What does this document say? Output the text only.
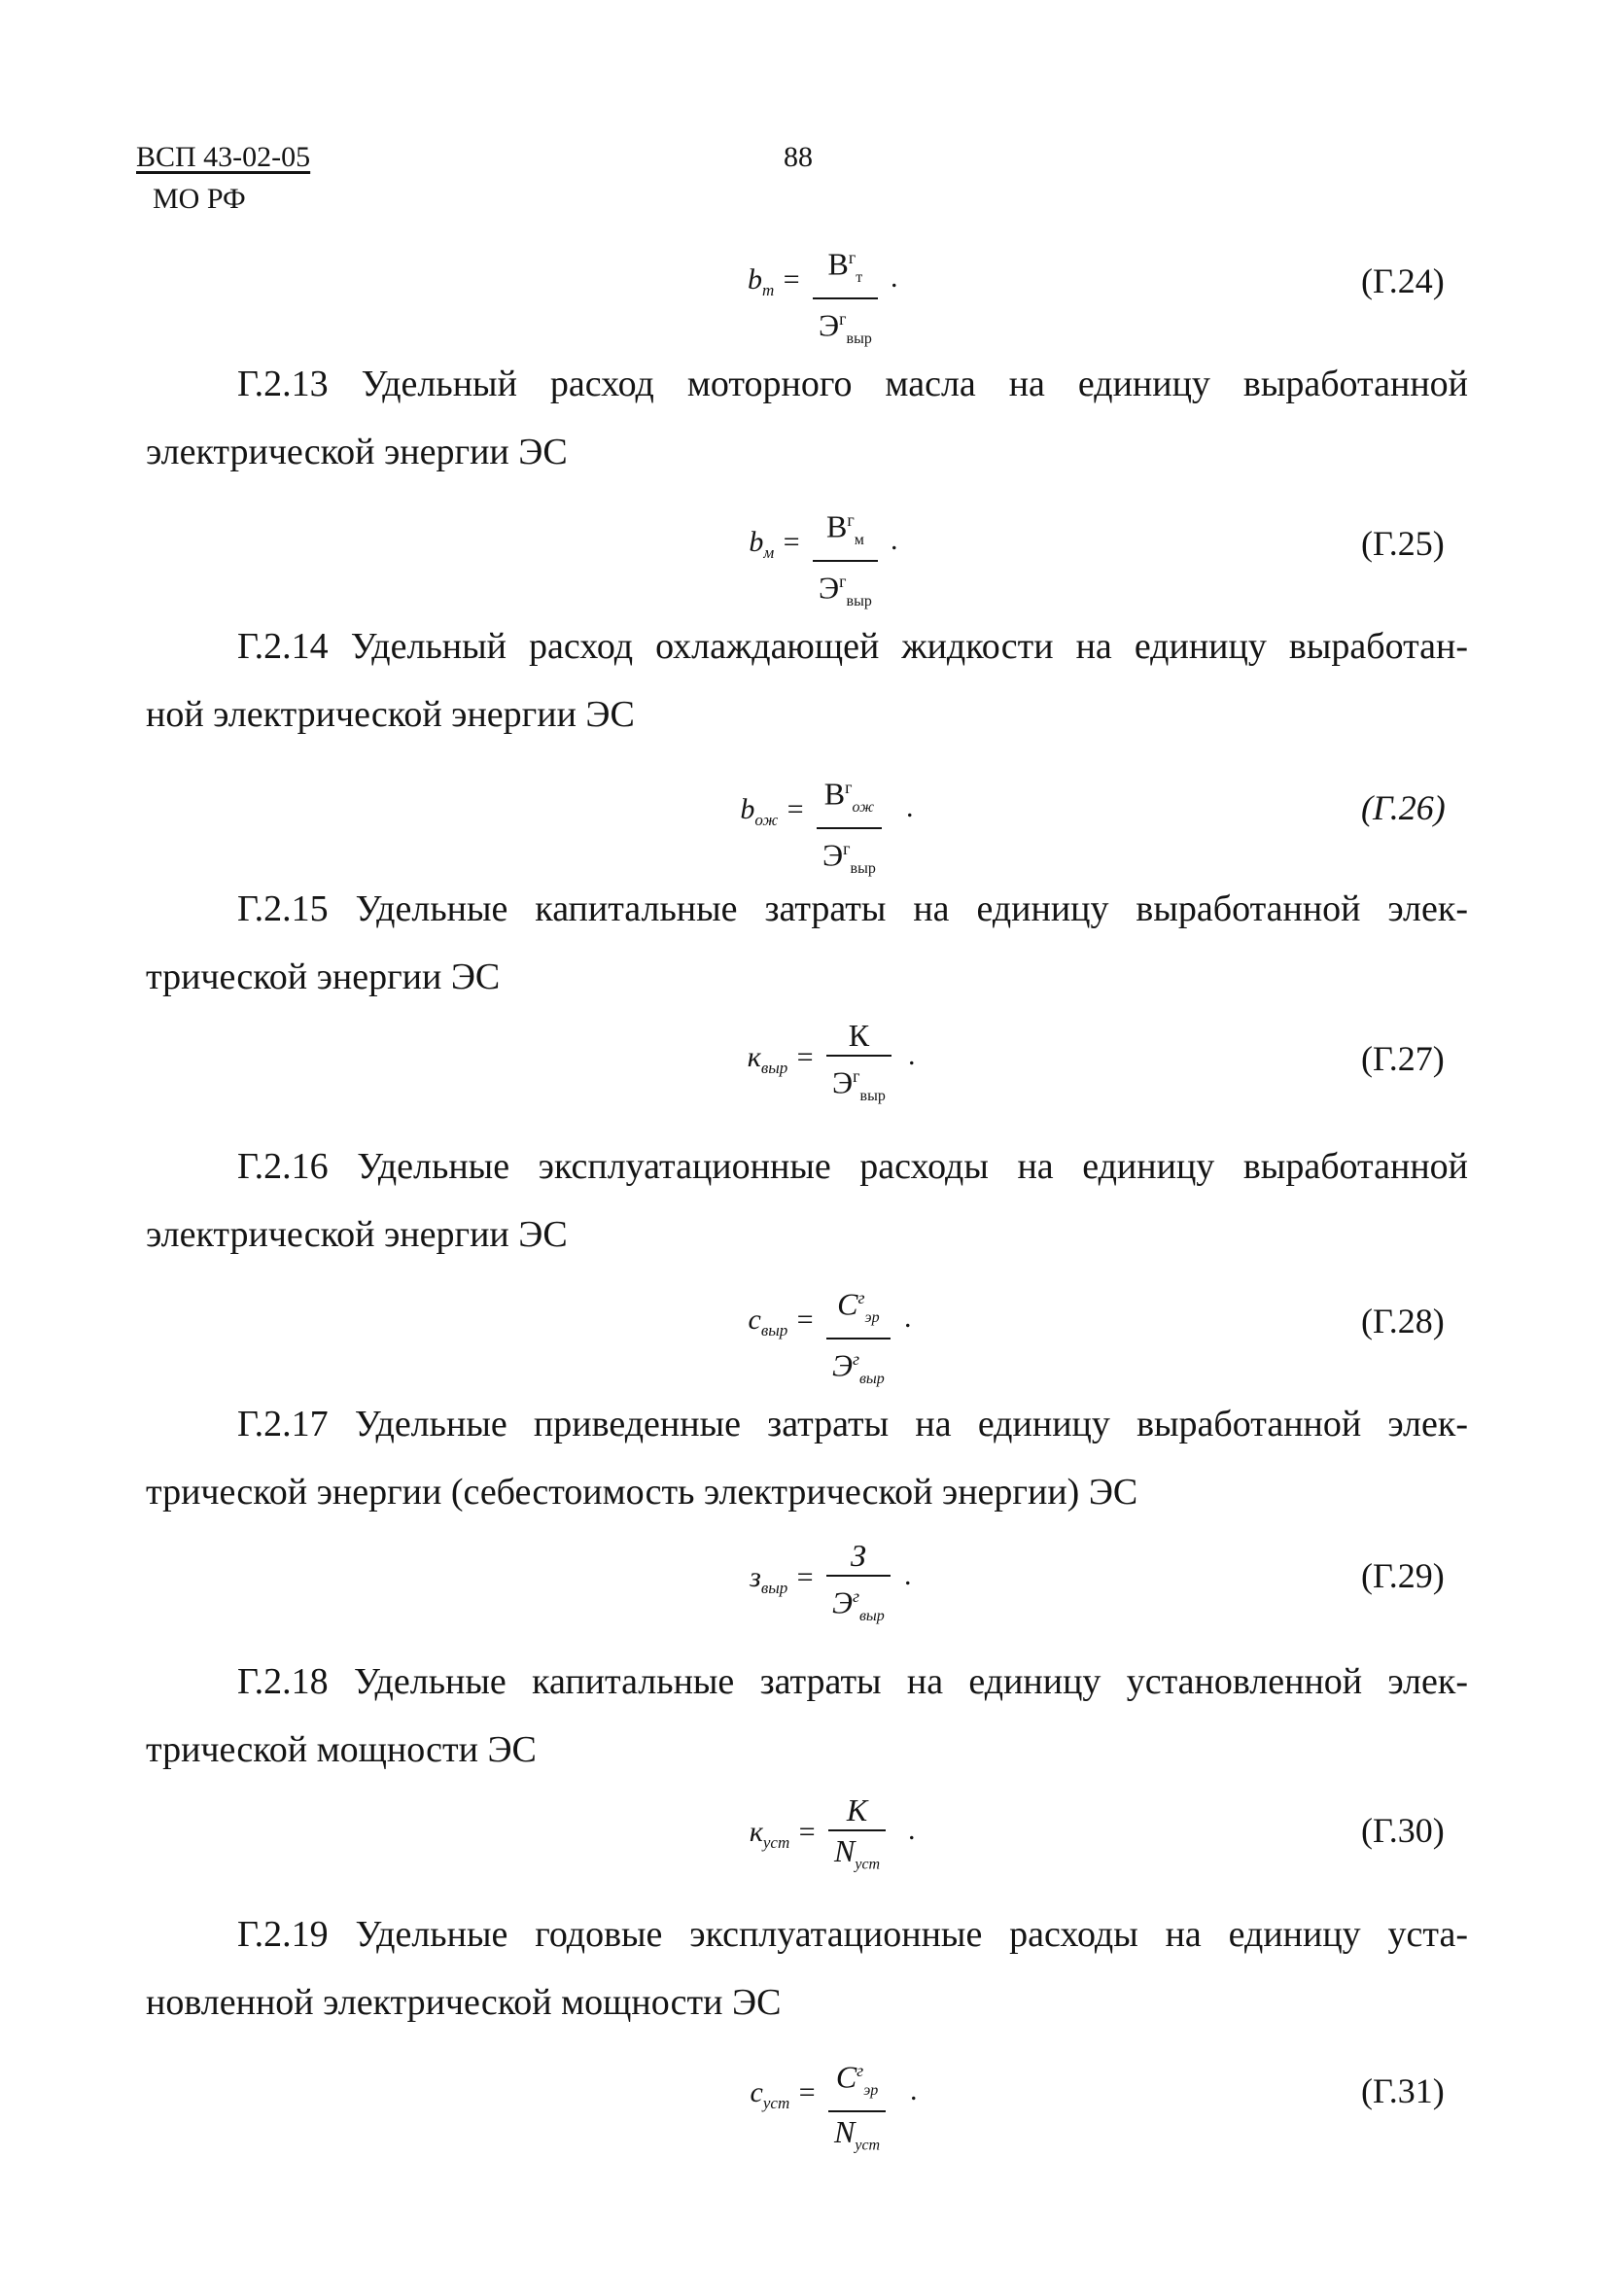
ВСП 43-02-05
МО РФ
88
$b_т = В^г_т$
$Э^г_{выр}$
.	(Г.24)

Г.2.13 Удельный расход моторного масла на единицу выработанной

электрической энергии ЭС

$b_м = В^г_м$
$Э^г_{выр}$
.	(Г.25)

Г.2.14 Удельный расход охлаждающей жидкости на единицу выработан-

ной электрической энергии ЭС

$b_{ож} = В^г_{ож}$
$Э^г_{выр}$
.	(Г.26)

Г.2.15 Удельные капитальные затраты на единицу выработанной элек-

трической энергии ЭС

$к_{выр}$ =
К
$Э^г_{выр}$
.	(Г.27)

Г.2.16 Удельные эксплуатационные расходы на единицу выработанной

электрической энергии ЭС

$с_{выр} = С^г_{эр}$
$Э^г_{выр}$
.	(Г.28)

Г.2.17 Удельные приведенные затраты на единицу выработанной элек-

трической энергии (себестоимость электрической энергии) ЭС

$з_{выр}$ =
З
$Э^г_{выр}$
.	(Г.29)

Г.2.18 Удельные капитальные затраты на единицу установленной элек-

трической мощности ЭС

$к_{уст}$ =
К
$N_{уст}$
.	(Г.30)

Г.2.19 Удельные годовые эксплуатационные расходы на единицу уста-

новленной электрической мощности ЭС

$с_{уст} = С^г_{эр}$
$N_{уст}$
.	(Г.31)
